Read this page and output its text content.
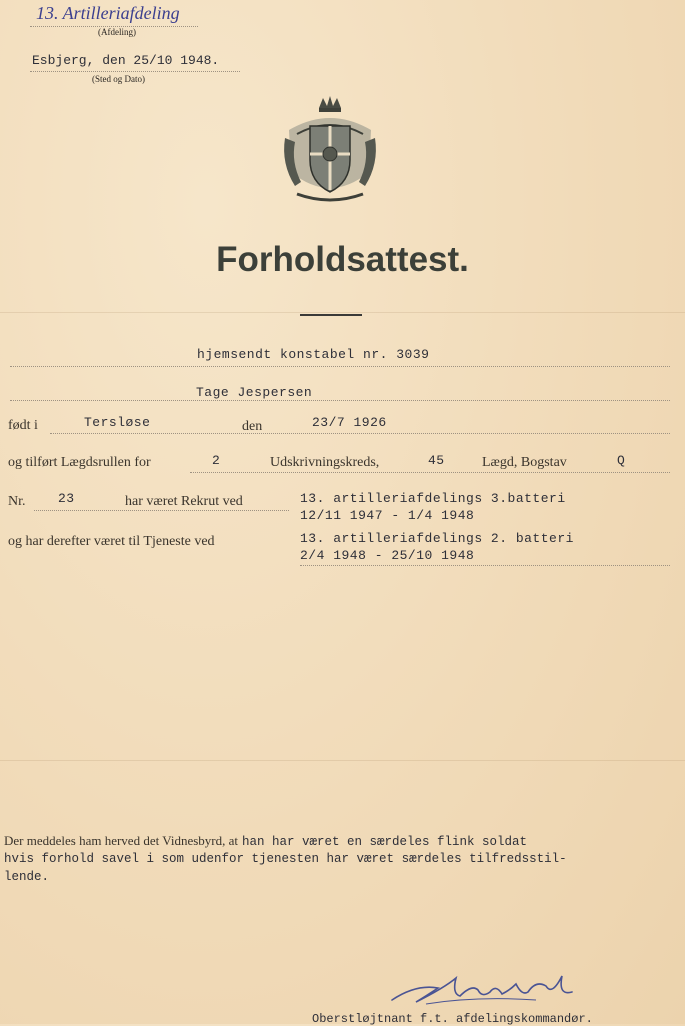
13. Artilleriafdeling
(Afdeling)
Esbjerg, den 25/10 1948.
(Sted og Dato)
Forholdsattest.
hjemsendt konstabel nr. 3039
Tage Jespersen
født i	Tersløse	den	23/7 1926
og tilført Lægdsrullen for	2	Udskrivningskreds,	45	Lægd, Bogstav	Q
Nr.	23	har været Rekrut ved	13. artilleriafdelings 3.batteri
12/11 1947 - 1/4 1948
og har derefter været til Tjeneste ved	13. artilleriafdelings 2. batteri
2/4 1948 - 25/10 1948
Der meddeles ham herved det Vidnesbyrd, at han har været en særdeles flink soldat
hvis forhold savel i som udenfor tjenesten har været særdeles tilfredsstil-
lende.
Oberstløjtnant f.t. afdelingskommandør.
